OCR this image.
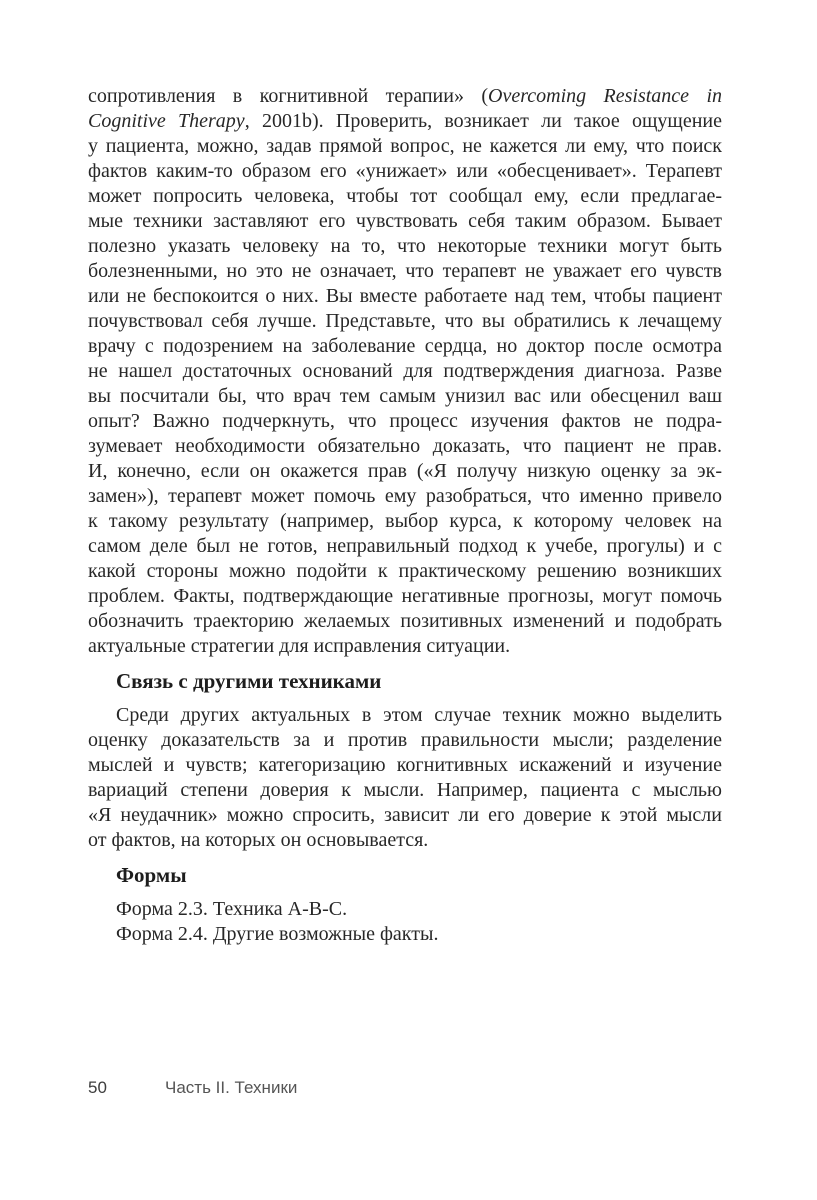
сопротивления в когнитивной терапии» (Overcoming Resistance in
Cognitive Therapy, 2001b). Проверить, возникает ли такое ощущение
у пациента, можно, задав прямой вопрос, не кажется ли ему, что поиск
фактов каким-то образом его «унижает» или «обесценивает». Терапевт
может попросить человека, чтобы тот сообщал ему, если предлагае-
мые техники заставляют его чувствовать себя таким образом. Бывает
полезно указать человеку на то, что некоторые техники могут быть
болезненными, но это не означает, что терапевт не уважает его чувств
или не беспокоится о них. Вы вместе работаете над тем, чтобы пациент
почувствовал себя лучше. Представьте, что вы обратились к лечащему
врачу с подозрением на заболевание сердца, но доктор после осмотра
не нашел достаточных оснований для подтверждения диагноза. Разве
вы посчитали бы, что врач тем самым унизил вас или обесценил ваш
опыт? Важно подчеркнуть, что процесс изучения фактов не подра-
зумевает необходимости обязательно доказать, что пациент не прав.
И, конечно, если он окажется прав («Я получу низкую оценку за эк-
замен»), терапевт может помочь ему разобраться, что именно привело
к такому результату (например, выбор курса, к которому человек на
самом деле был не готов, неправильный подход к учебе, прогулы) и с
какой стороны можно подойти к практическому решению возникших
проблем. Факты, подтверждающие негативные прогнозы, могут помочь
обозначить траекторию желаемых позитивных изменений и подобрать
актуальные стратегии для исправления ситуации.
Связь с другими техниками
Среди других актуальных в этом случае техник можно выделить
оценку доказательств за и против правильности мысли; разделение
мыслей и чувств; категоризацию когнитивных искажений и изучение
вариаций степени доверия к мысли. Например, пациента с мыслью
«Я неудачник» можно спросить, зависит ли его доверие к этой мысли
от фактов, на которых он основывается.
Формы
Форма 2.3. Техника A-B-C.
Форма 2.4. Другие возможные факты.
50	Часть II. Техники
